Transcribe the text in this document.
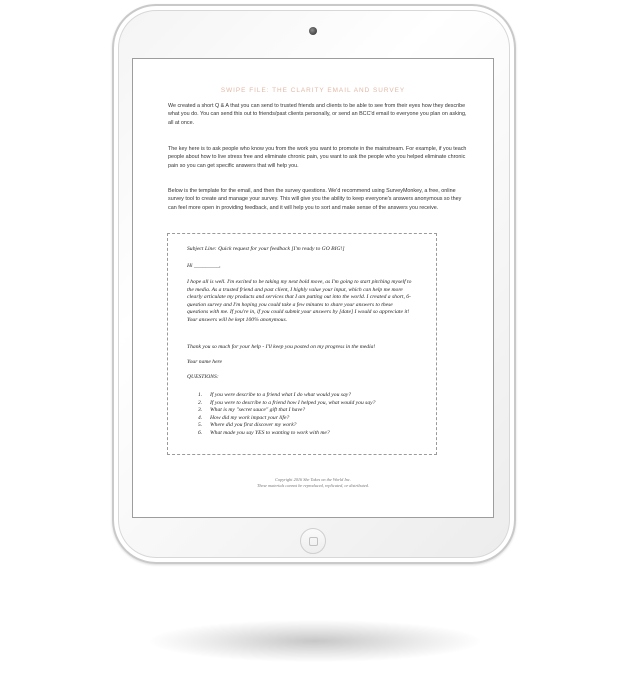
SWIPE FILE: THE CLARITY EMAIL AND SURVEY

We created a short Q & A that you can send to trusted friends and clients to be able to see from their eyes how they describe what you do. You can send this out to friends/past clients personally, or send an BCC'd email to everyone you plan on asking, all at once.

The key here is to ask people who know you from the work you want to promote in the mainstream. For example, if you teach people about how to live stress free and eliminate chronic pain, you want to ask the people who you helped eliminate chronic pain so you can get specific answers that will help you.

Below is the template for the email, and then the survey questions. We'd recommend using SurveyMonkey, a free, online survey tool to create and manage your survey. This will give you the ability to keep everyone's answers anonymous so they can feel more open in providing feedback, and it will help you to sort and make sense of the answers you receive.

Subject Line: Quick request for your feedback [I'm ready to GO BIG!]
Hi _________,
I hope all is well. I'm excited to be taking my next bold move, as I'm going to start pitching myself to the media. As a trusted friend and past client, I highly value your input, which can help me more clearly articulate my products and services that I am putting out into the world. I created a short, 6-question survey and I'm hoping you could take a few minutes to share your answers to these questions with me. If you're in, if you could submit your answers by [date] I would so appreciate it! Your answers will be kept 100% anonymous.
Thank you so much for your help - I'll keep you posted on my progress in the media!
Your name here
QUESTIONS:
1. If you were describe to a friend what I do what would you say?
2. If you were to describe to a friend how I helped you, what would you say?
3. What is my "secret sauce" gift that I have?
4. How did my work impact your life?
5. Where did you first discover my work?
6. What made you say YES to wanting to work with me?
Copyright 2016 She Takes on the World Inc.
These materials cannot be reproduced, replicated, or distributed.
